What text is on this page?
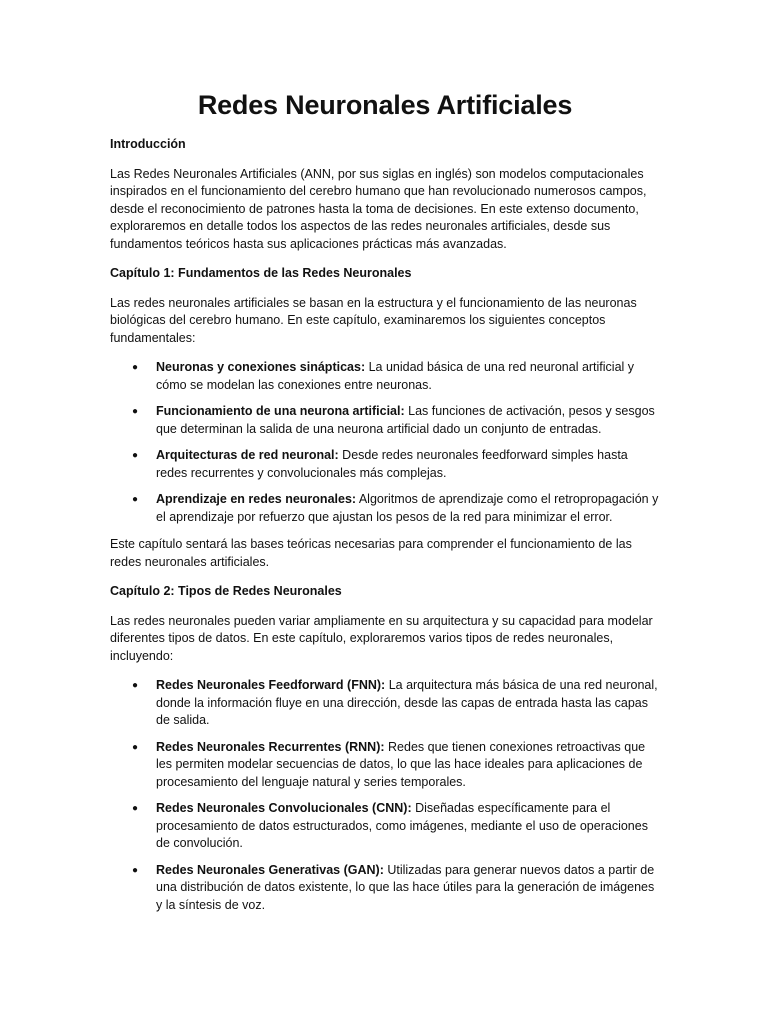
Redes Neuronales Artificiales
Introducción

Las Redes Neuronales Artificiales (ANN, por sus siglas en inglés) son modelos computacionales inspirados en el funcionamiento del cerebro humano que han revolucionado numerosos campos, desde el reconocimiento de patrones hasta la toma de decisiones. En este extenso documento, exploraremos en detalle todos los aspectos de las redes neuronales artificiales, desde sus fundamentos teóricos hasta sus aplicaciones prácticas más avanzadas.

Capítulo 1: Fundamentos de las Redes Neuronales

Las redes neuronales artificiales se basan en la estructura y el funcionamiento de las neuronas biológicas del cerebro humano. En este capítulo, examinaremos los siguientes conceptos fundamentales:

● Neuronas y conexiones sinápticas: La unidad básica de una red neuronal artificial y cómo se modelan las conexiones entre neuronas.
● Funcionamiento de una neurona artificial: Las funciones de activación, pesos y sesgos que determinan la salida de una neurona artificial dado un conjunto de entradas.
● Arquitecturas de red neuronal: Desde redes neuronales feedforward simples hasta redes recurrentes y convolucionales más complejas.
● Aprendizaje en redes neuronales: Algoritmos de aprendizaje como el retropropagación y el aprendizaje por refuerzo que ajustan los pesos de la red para minimizar el error.

Este capítulo sentará las bases teóricas necesarias para comprender el funcionamiento de las redes neuronales artificiales.

Capítulo 2: Tipos de Redes Neuronales

Las redes neuronales pueden variar ampliamente en su arquitectura y su capacidad para modelar diferentes tipos de datos. En este capítulo, exploraremos varios tipos de redes neuronales, incluyendo:

● Redes Neuronales Feedforward (FNN): La arquitectura más básica de una red neuronal, donde la información fluye en una dirección, desde las capas de entrada hasta las capas de salida.
● Redes Neuronales Recurrentes (RNN): Redes que tienen conexiones retroactivas que les permiten modelar secuencias de datos, lo que las hace ideales para aplicaciones de procesamiento del lenguaje natural y series temporales.
● Redes Neuronales Convolucionales (CNN): Diseñadas específicamente para el procesamiento de datos estructurados, como imágenes, mediante el uso de operaciones de convolución.
● Redes Neuronales Generativas (GAN): Utilizadas para generar nuevos datos a partir de una distribución de datos existente, lo que las hace útiles para la generación de imágenes y la síntesis de voz.
